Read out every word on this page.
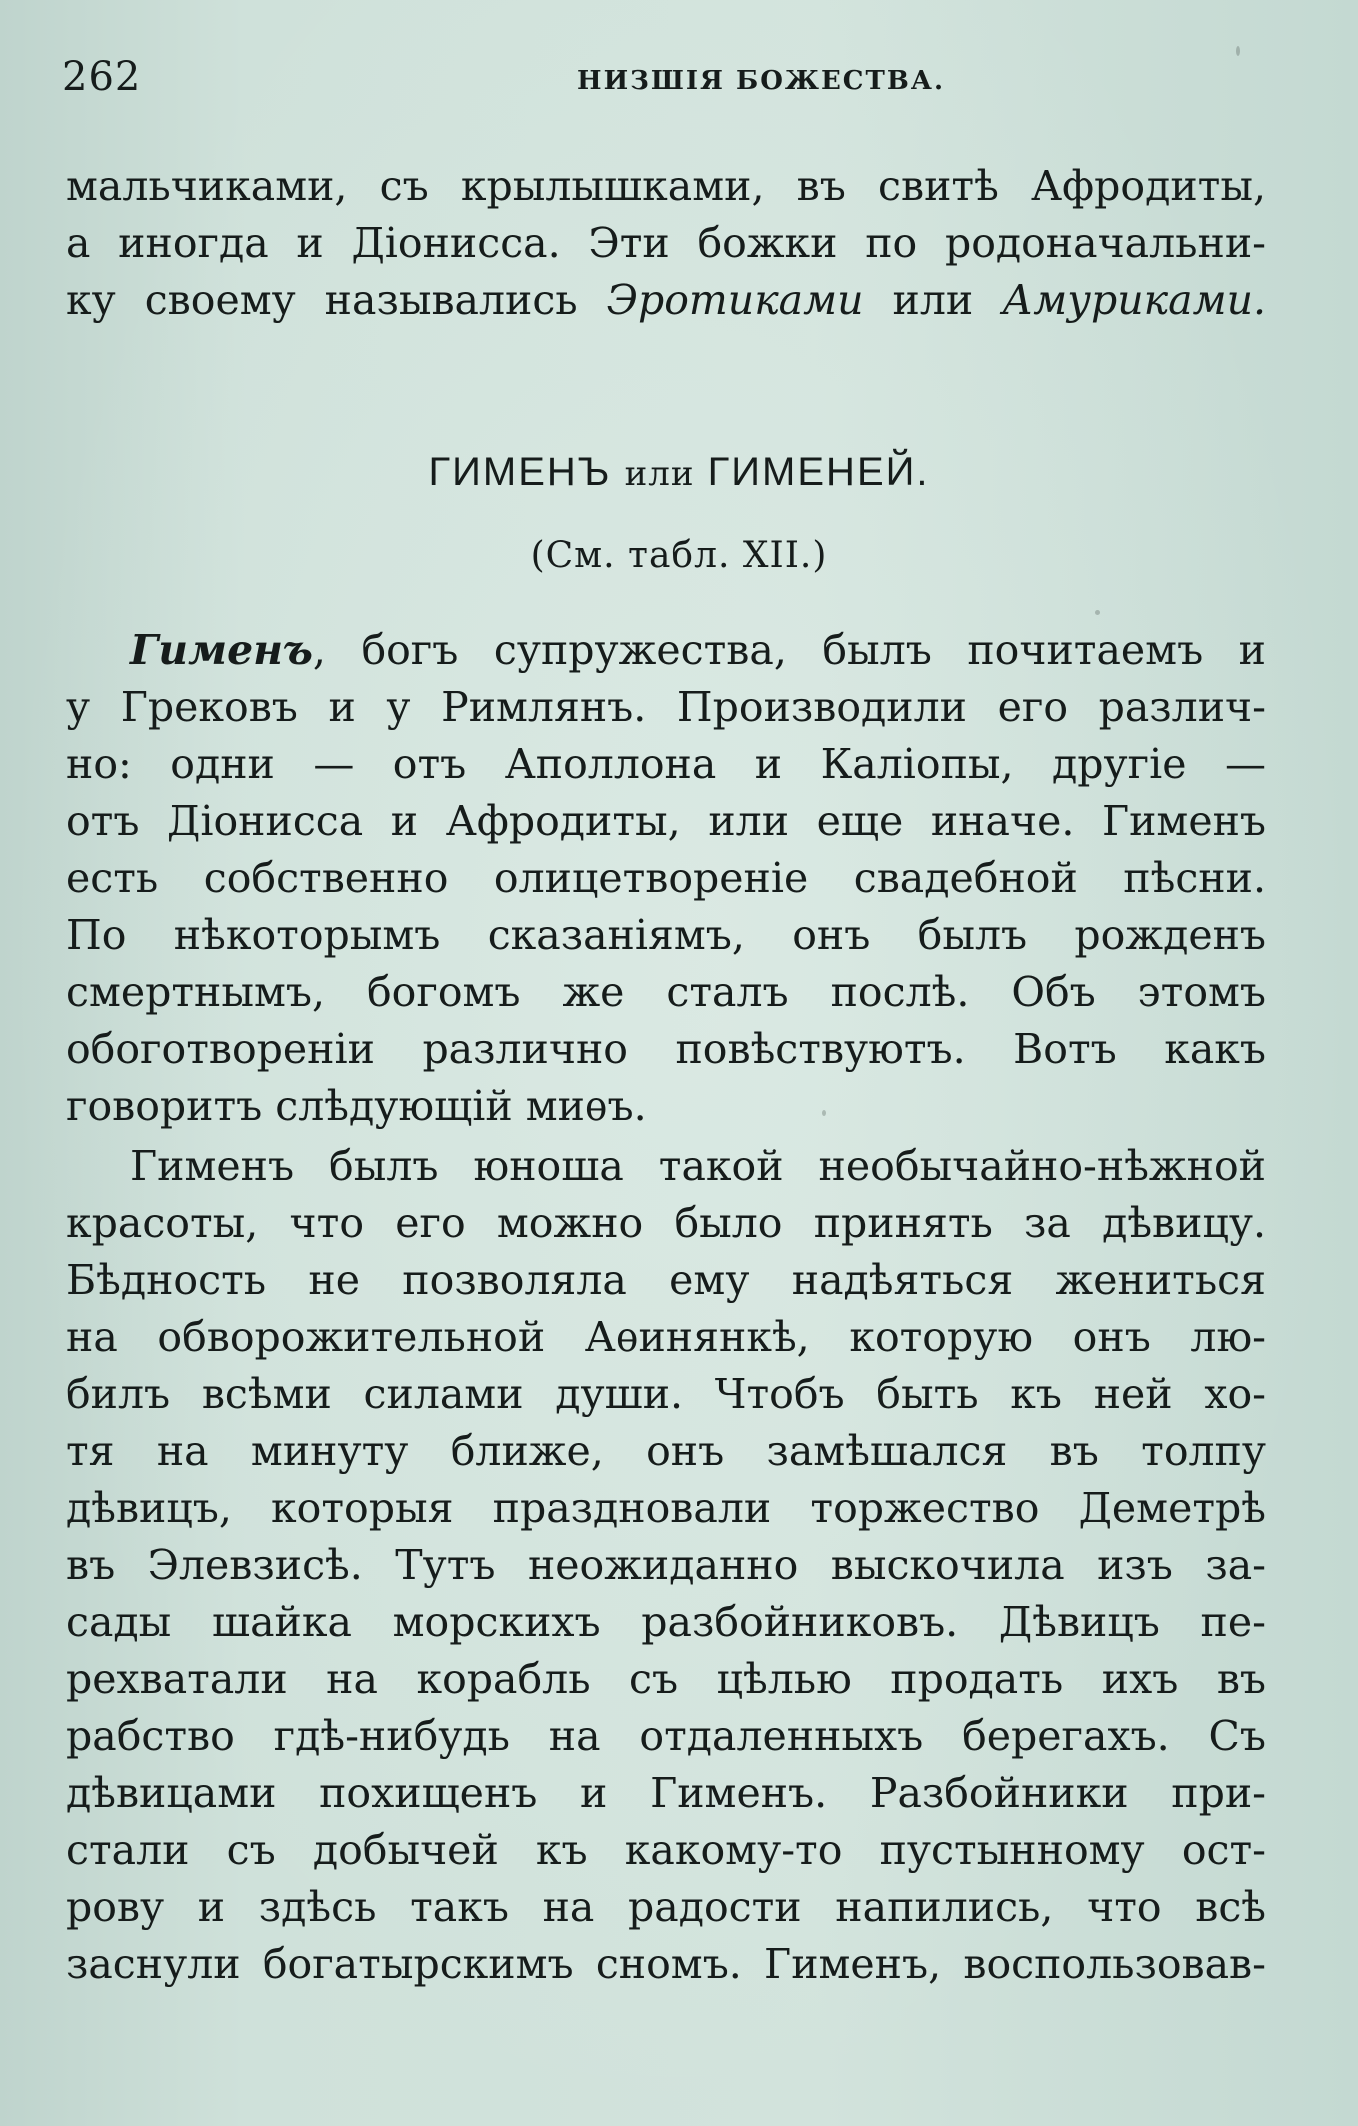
262	НИЗШІЯ БОЖЕСТВА.
мальчиками, съ крылышками, въ свитѣ Афродиты,
а иногда и Діонисса. Эти божки по родоначальни-
ку своему назывались Эротиками или Амуриками.
ГИМЕНЪ или ГИМЕНЕЙ.
(См. табл. XII.)
Гименъ, богъ супружества, былъ почитаемъ и
у Грековъ и у Римлянъ. Производили его различ-
но: одни — отъ Аполлона и Каліопы, другіе —
отъ Діонисса и Афродиты, или еще иначе. Гименъ
есть собственно олицетвореніе свадебной пѣсни.
По нѣкоторымъ сказаніямъ, онъ былъ рожденъ
смертнымъ, богомъ же сталъ послѣ. Объ этомъ
обоготвореніи различно повѣствуютъ. Вотъ какъ
говоритъ слѣдующій миѳъ.
Гименъ былъ юноша такой необычайно-нѣжной
красоты, что его можно было принять за дѣвицу.
Бѣдность не позволяла ему надѣяться жениться
на обворожительной Аѳинянкѣ, которую онъ лю-
билъ всѣми силами души. Чтобъ быть къ ней хо-
тя на минуту ближе, онъ замѣшался въ толпу
дѣвицъ, которыя праздновали торжество Деметрѣ
въ Элевзисѣ. Тутъ неожиданно выскочила изъ за-
сады шайка морскихъ разбойниковъ. Дѣвицъ пе-
рехватали на корабль съ цѣлью продать ихъ въ
рабство гдѣ-нибудь на отдаленныхъ берегахъ. Съ
дѣвицами похищенъ и Гименъ. Разбойники при-
стали съ добычей къ какому-то пустынному ост-
рову и здѣсь такъ на радости напились, что всѣ
заснули богатырскимъ сномъ. Гименъ, воспользовав-
